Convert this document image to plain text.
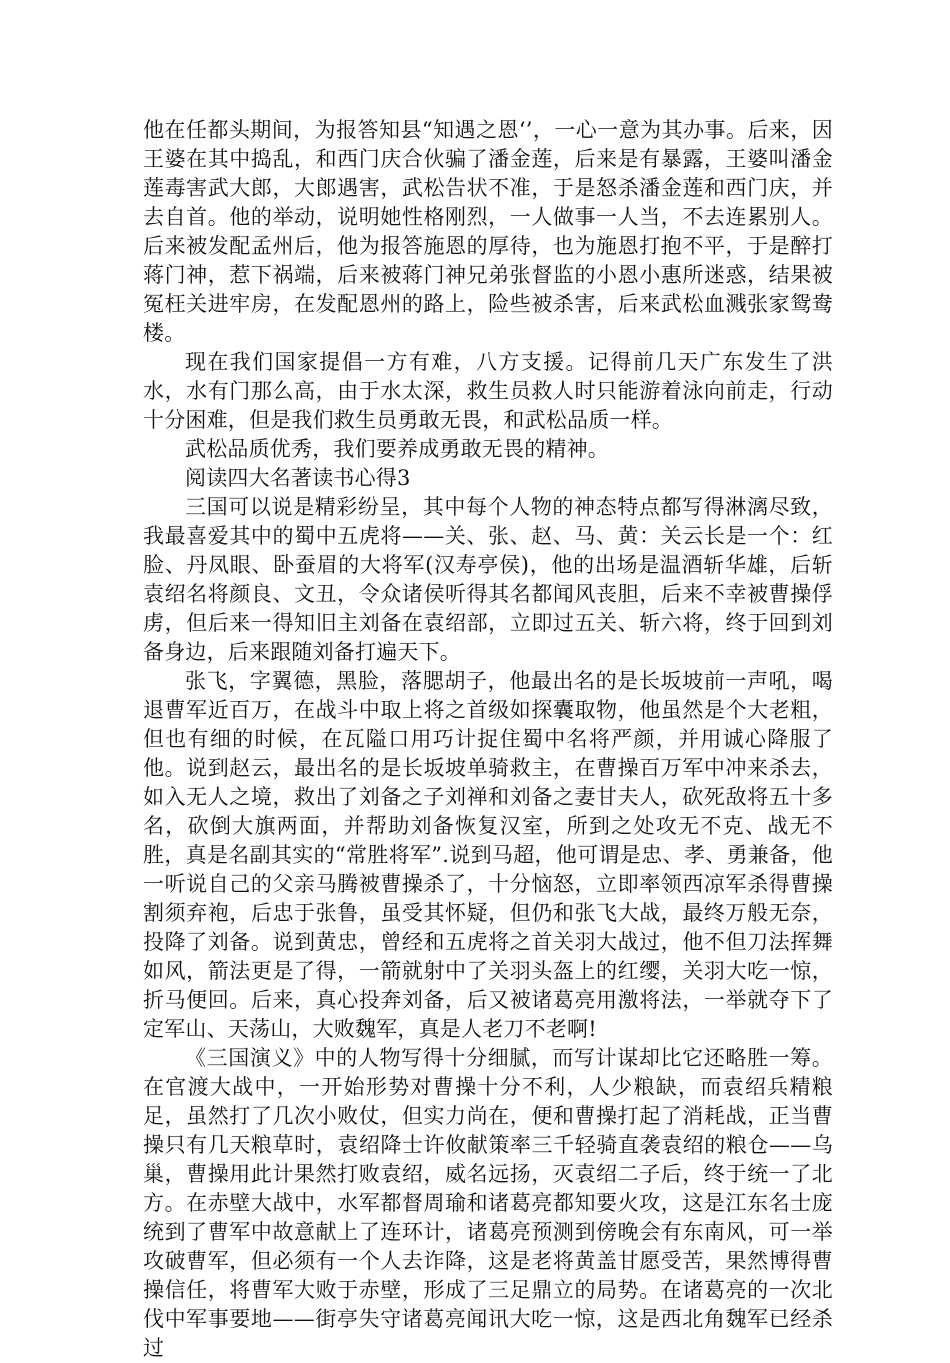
他在任都头期间，为报答知县“知遇之恩‘’，一心一意为其办事。后来，因王婆在其中捣乱，和西门庆合伙骗了潘金莲，后来是有暴露，王婆叫潘金莲毒害武大郎，大郎遇害，武松告状不准，于是怒杀潘金莲和西门庆，并去自首。他的举动，说明她性格刚烈，一人做事一人当，不去连累别人。后来被发配孟州后，他为报答施恩的厚待，也为施恩打抱不平，于是醉打蒋门神，惹下祸端，后来被蒋门神兄弟张督监的小恩小惠所迷惑，结果被冤枉关进牢房，在发配恩州的路上，险些被杀害，后来武松血溅张家鸳鸯楼。

现在我们国家提倡一方有难，八方支援。记得前几天广东发生了洪水，水有门那么高，由于水太深，救生员救人时只能游着泳向前走，行动十分困难，但是我们救生员勇敢无畏，和武松品质一样。

武松品质优秀，我们要养成勇敢无畏的精神。

阅读四大名著读书心得3

三国可以说是精彩纷呈，其中每个人物的神态特点都写得淋漓尽致，我最喜爱其中的蜀中五虎将——关、张、赵、马、黄：关云长是一个：红脸、丹凤眼、卧蚕眉的大将军(汉寿亭侯)，他的出场是温酒斩华雄，后斩袁绍名将颜良、文丑，令众诸侯听得其名都闻风丧胆，后来不幸被曹操俘虏，但后来一得知旧主刘备在袁绍部，立即过五关、斩六将，终于回到刘备身边，后来跟随刘备打遍天下。

张飞，字翼德，黑脸，落腮胡子，他最出名的是长坂坡前一声吼，喝退曹军近百万，在战斗中取上将之首级如探囊取物，他虽然是个大老粗，但也有细的时候，在瓦隘口用巧计捉住蜀中名将严颜，并用诚心降服了他。说到赵云，最出名的是长坂坡单骑救主，在曹操百万军中冲来杀去，如入无人之境，救出了刘备之子刘禅和刘备之妻甘夫人，砍死敌将五十多名，砍倒大旗两面，并帮助刘备恢复汉室，所到之处攻无不克、战无不胜，真是名副其实的“常胜将军”.说到马超，他可谓是忠、孝、勇兼备，他一听说自己的父亲马腾被曹操杀了，十分恼怒，立即率领西凉军杀得曹操割须弃袍，后忠于张鲁，虽受其怀疑，但仍和张飞大战，最终万般无奈，投降了刘备。说到黄忠，曾经和五虎将之首关羽大战过，他不但刀法挥舞如风，箭法更是了得，一箭就射中了关羽头盔上的红缨，关羽大吃一惊，折马便回。后来，真心投奔刘备，后又被诸葛亮用激将法，一举就夺下了定军山、天荡山，大败魏军，真是人老刀不老啊!

《三国演义》中的人物写得十分细腻，而写计谋却比它还略胜一筹。在官渡大战中，一开始形势对曹操十分不利，人少粮缺，而袁绍兵精粮足，虽然打了几次小败仗，但实力尚在，便和曹操打起了消耗战，正当曹操只有几天粮草时，袁绍降士许攸献策率三千轻骑直袭袁绍的粮仓——乌巢，曹操用此计果然打败袁绍，威名远扬，灭袁绍二子后，终于统一了北方。在赤壁大战中，水军都督周瑜和诸葛亮都知要火攻，这是江东名士庞统到了曹军中故意献上了连环计，诸葛亮预测到傍晚会有东南风，可一举攻破曹军，但必须有一个人去诈降，这是老将黄盖甘愿受苦，果然博得曹操信任，将曹军大败于赤壁，形成了三足鼎立的局势。在诸葛亮的一次北伐中军事要地——街亭失守诸葛亮闻讯大吃一惊，这是西北角魏军已经杀过
